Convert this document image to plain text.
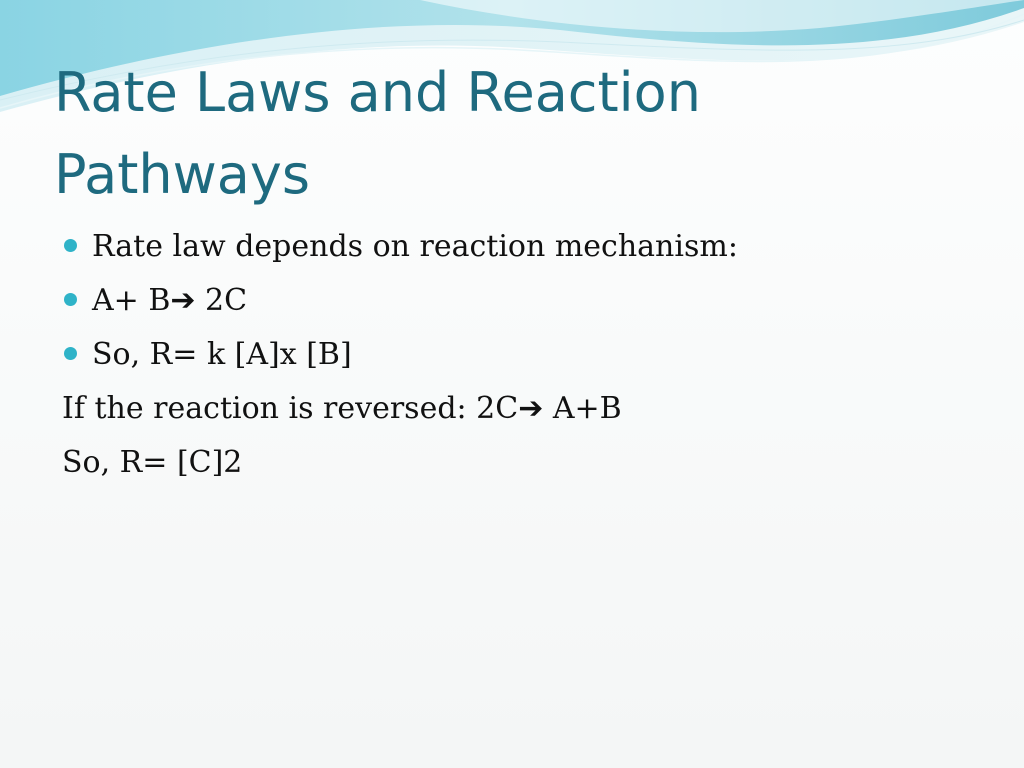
Rate Laws and Reaction
Pathways
Rate law depends on reaction mechanism:
A+ B➔ 2C
So, R= k [A]x [B]
If the reaction is reversed: 2C➔ A+B
So, R= [C]2
